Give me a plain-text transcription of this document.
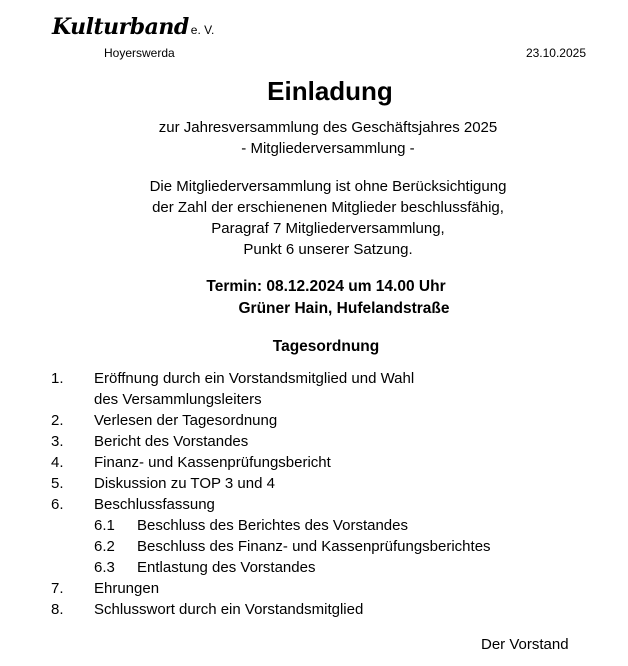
Kulturband e. V.
Hoyerswerda	23.10.2025
Einladung
zur Jahresversammlung des Geschäftsjahres 2025
- Mitgliederversammlung -
Die Mitgliederversammlung ist ohne Berücksichtigung
der Zahl der erschienenen Mitglieder beschlussfähig,
Paragraf 7 Mitgliederversammlung,
Punkt 6 unserer Satzung.
Termin: 08.12.2024 um 14.00 Uhr
Grüner Hain, Hufelandstraße
Tagesordnung
1. Eröffnung durch ein Vorstandsmitglied und Wahl
des Versammlungsleiters
2. Verlesen der Tagesordnung
3. Bericht des Vorstandes
4. Finanz- und Kassenprüfungsbericht
5. Diskussion zu TOP 3 und 4
6. Beschlussfassung
6.1 Beschluss des Berichtes des Vorstandes
6.2 Beschluss des Finanz- und Kassenprüfungsberichtes
6.3 Entlastung des Vorstandes
7. Ehrungen
8. Schlusswort durch ein Vorstandsmitglied
Der Vorstand
